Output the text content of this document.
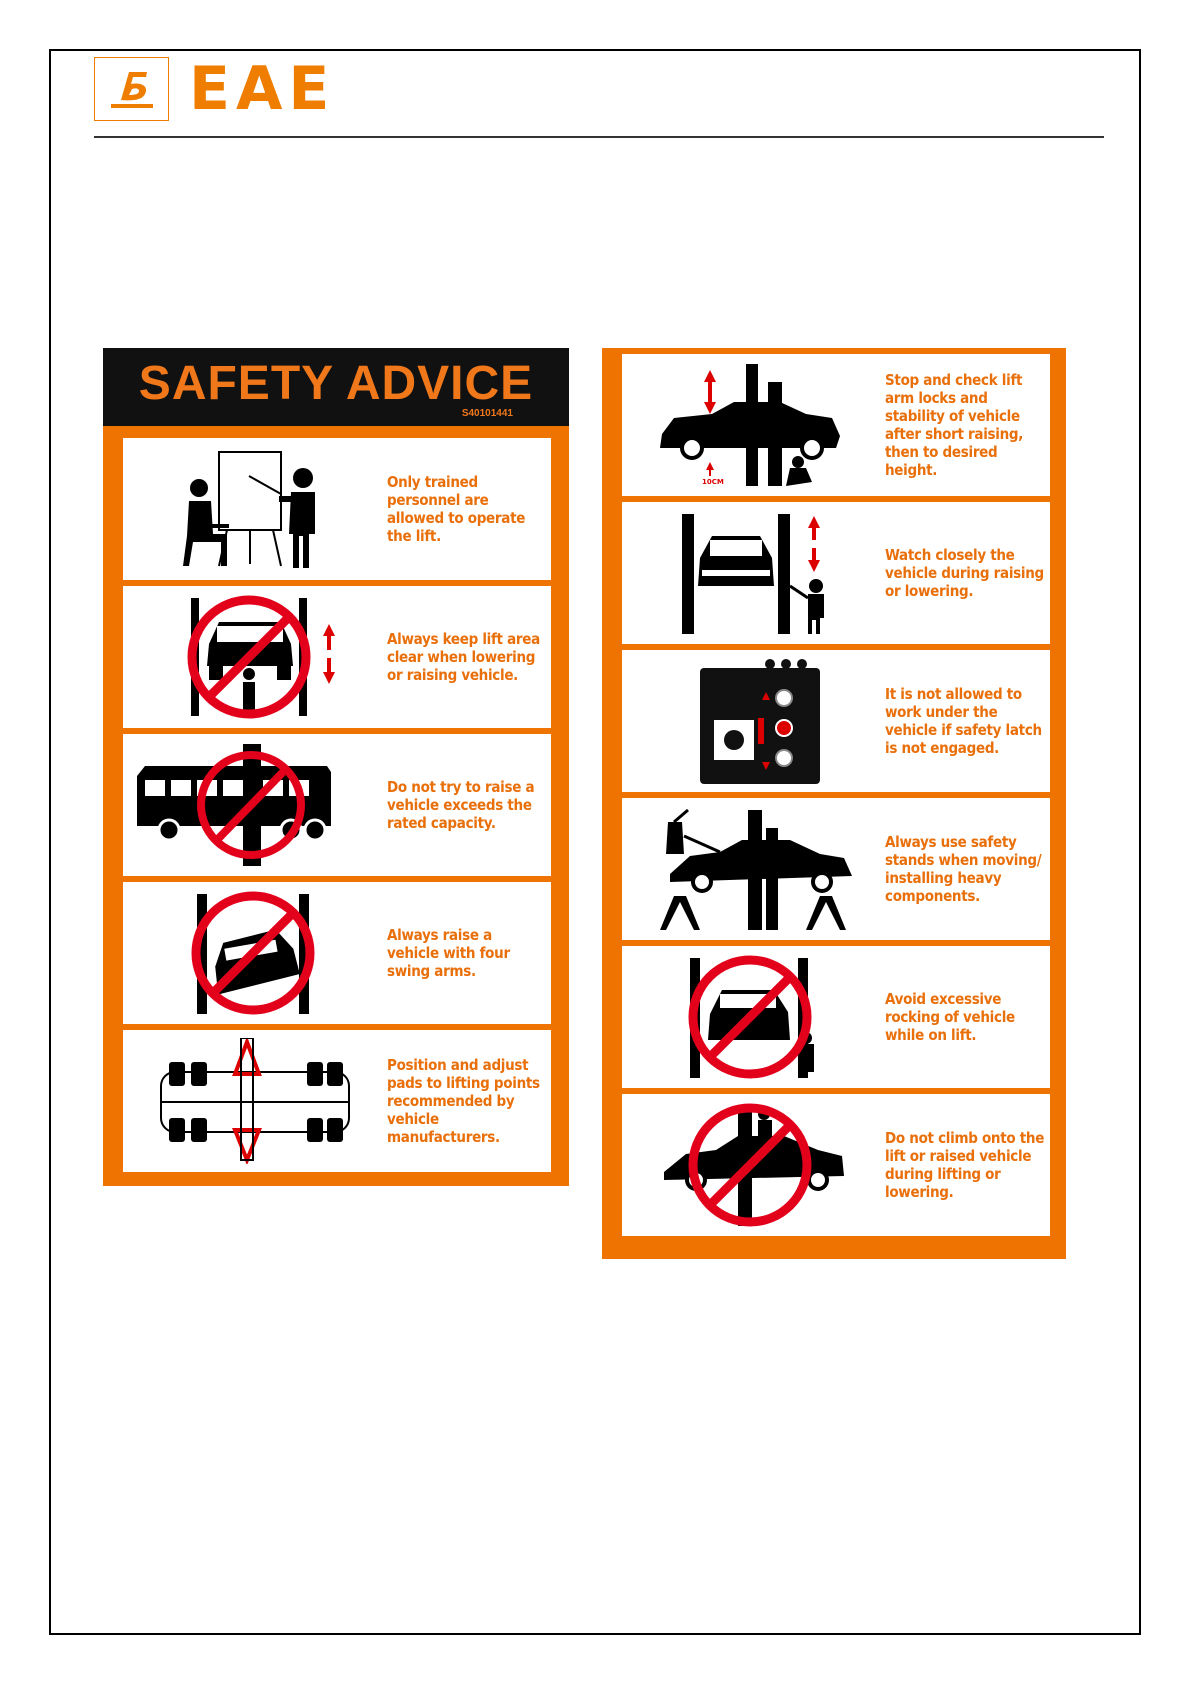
EAE
SAFETY ADVICE
S40101441
Only trained personnel are allowed to operate the lift.
Always keep lift area clear when lowering or raising vehicle.
Do not try to raise a vehicle exceeds the rated capacity.
Always raise a vehicle with four swing arms.
Position and adjust pads to lifting points recommended by vehicle manufacturers.
10CM
Stop and check lift arm locks and stability of vehicle after short raising, then to desired height.
Watch closely the vehicle during raising or lowering.
It is not allowed to work under the vehicle if safety latch is not engaged.
Always use safety stands when moving/ installing heavy components.
Avoid excessive rocking of vehicle while on lift.
Do not climb onto the lift or raised vehicle during lifting or lowering.
